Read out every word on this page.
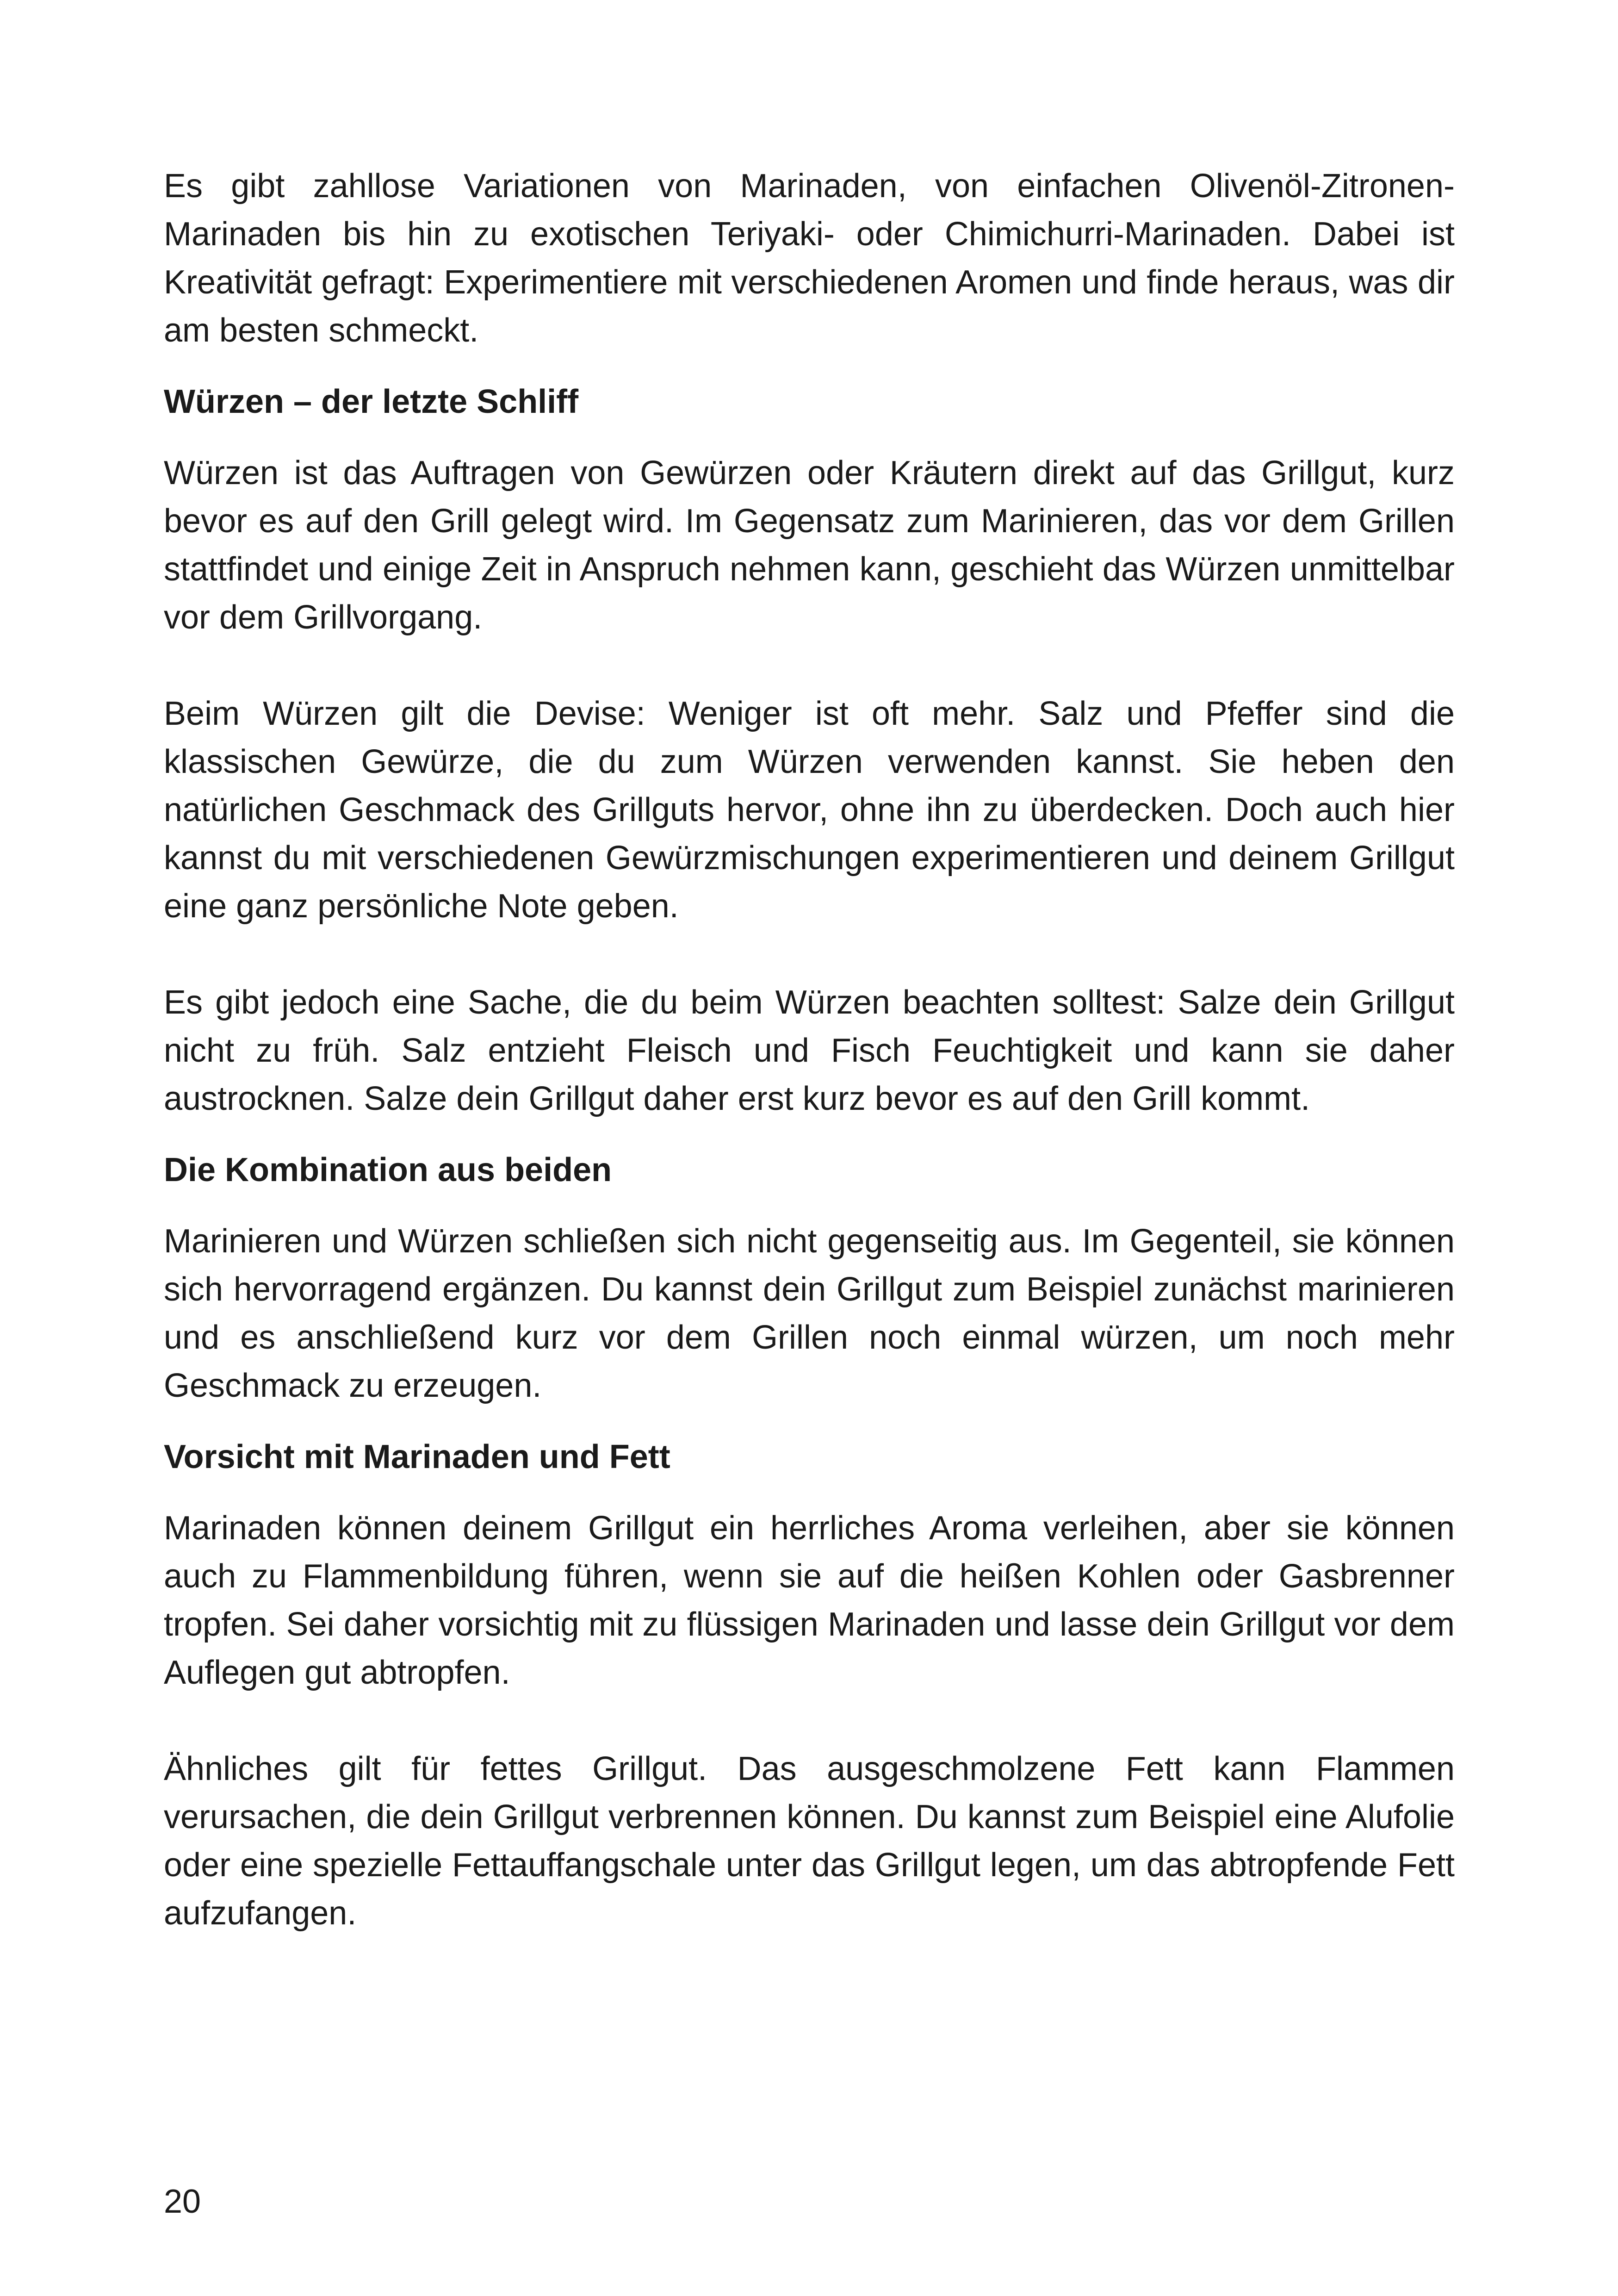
Es gibt zahllose Variationen von Marinaden, von einfachen Olivenöl-Zitronen-Marinaden bis hin zu exotischen Teriyaki- oder Chimichurri-Marinaden. Dabei ist Kreativität gefragt: Experimentiere mit verschiedenen Aromen und finde heraus, was dir am besten schmeckt.

Würzen – der letzte Schliff

Würzen ist das Auftragen von Gewürzen oder Kräutern direkt auf das Grillgut, kurz bevor es auf den Grill gelegt wird. Im Gegensatz zum Marinieren, das vor dem Grillen stattfindet und einige Zeit in Anspruch nehmen kann, geschieht das Würzen unmittelbar vor dem Grillvorgang.

Beim Würzen gilt die Devise: Weniger ist oft mehr. Salz und Pfeffer sind die klassischen Gewürze, die du zum Würzen verwenden kannst. Sie heben den natürlichen Geschmack des Grillguts hervor, ohne ihn zu überdecken. Doch auch hier kannst du mit verschiedenen Gewürzmischungen experimentieren und deinem Grillgut eine ganz persönliche Note geben.

Es gibt jedoch eine Sache, die du beim Würzen beachten solltest: Salze dein Grillgut nicht zu früh. Salz entzieht Fleisch und Fisch Feuchtigkeit und kann sie daher austrocknen. Salze dein Grillgut daher erst kurz bevor es auf den Grill kommt.

Die Kombination aus beiden

Marinieren und Würzen schließen sich nicht gegenseitig aus. Im Gegenteil, sie können sich hervorragend ergänzen. Du kannst dein Grillgut zum Beispiel zunächst marinieren und es anschließend kurz vor dem Grillen noch einmal würzen, um noch mehr Geschmack zu erzeugen.

Vorsicht mit Marinaden und Fett

Marinaden können deinem Grillgut ein herrliches Aroma verleihen, aber sie können auch zu Flammenbildung führen, wenn sie auf die heißen Kohlen oder Gasbrenner tropfen. Sei daher vorsichtig mit zu flüssigen Marinaden und lasse dein Grillgut vor dem Auflegen gut abtropfen.

Ähnliches gilt für fettes Grillgut. Das ausgeschmolzene Fett kann Flammen verursachen, die dein Grillgut verbrennen können. Du kannst zum Beispiel eine Alufolie oder eine spezielle Fettauffangschale unter das Grillgut legen, um das abtropfende Fett aufzufangen.

20
